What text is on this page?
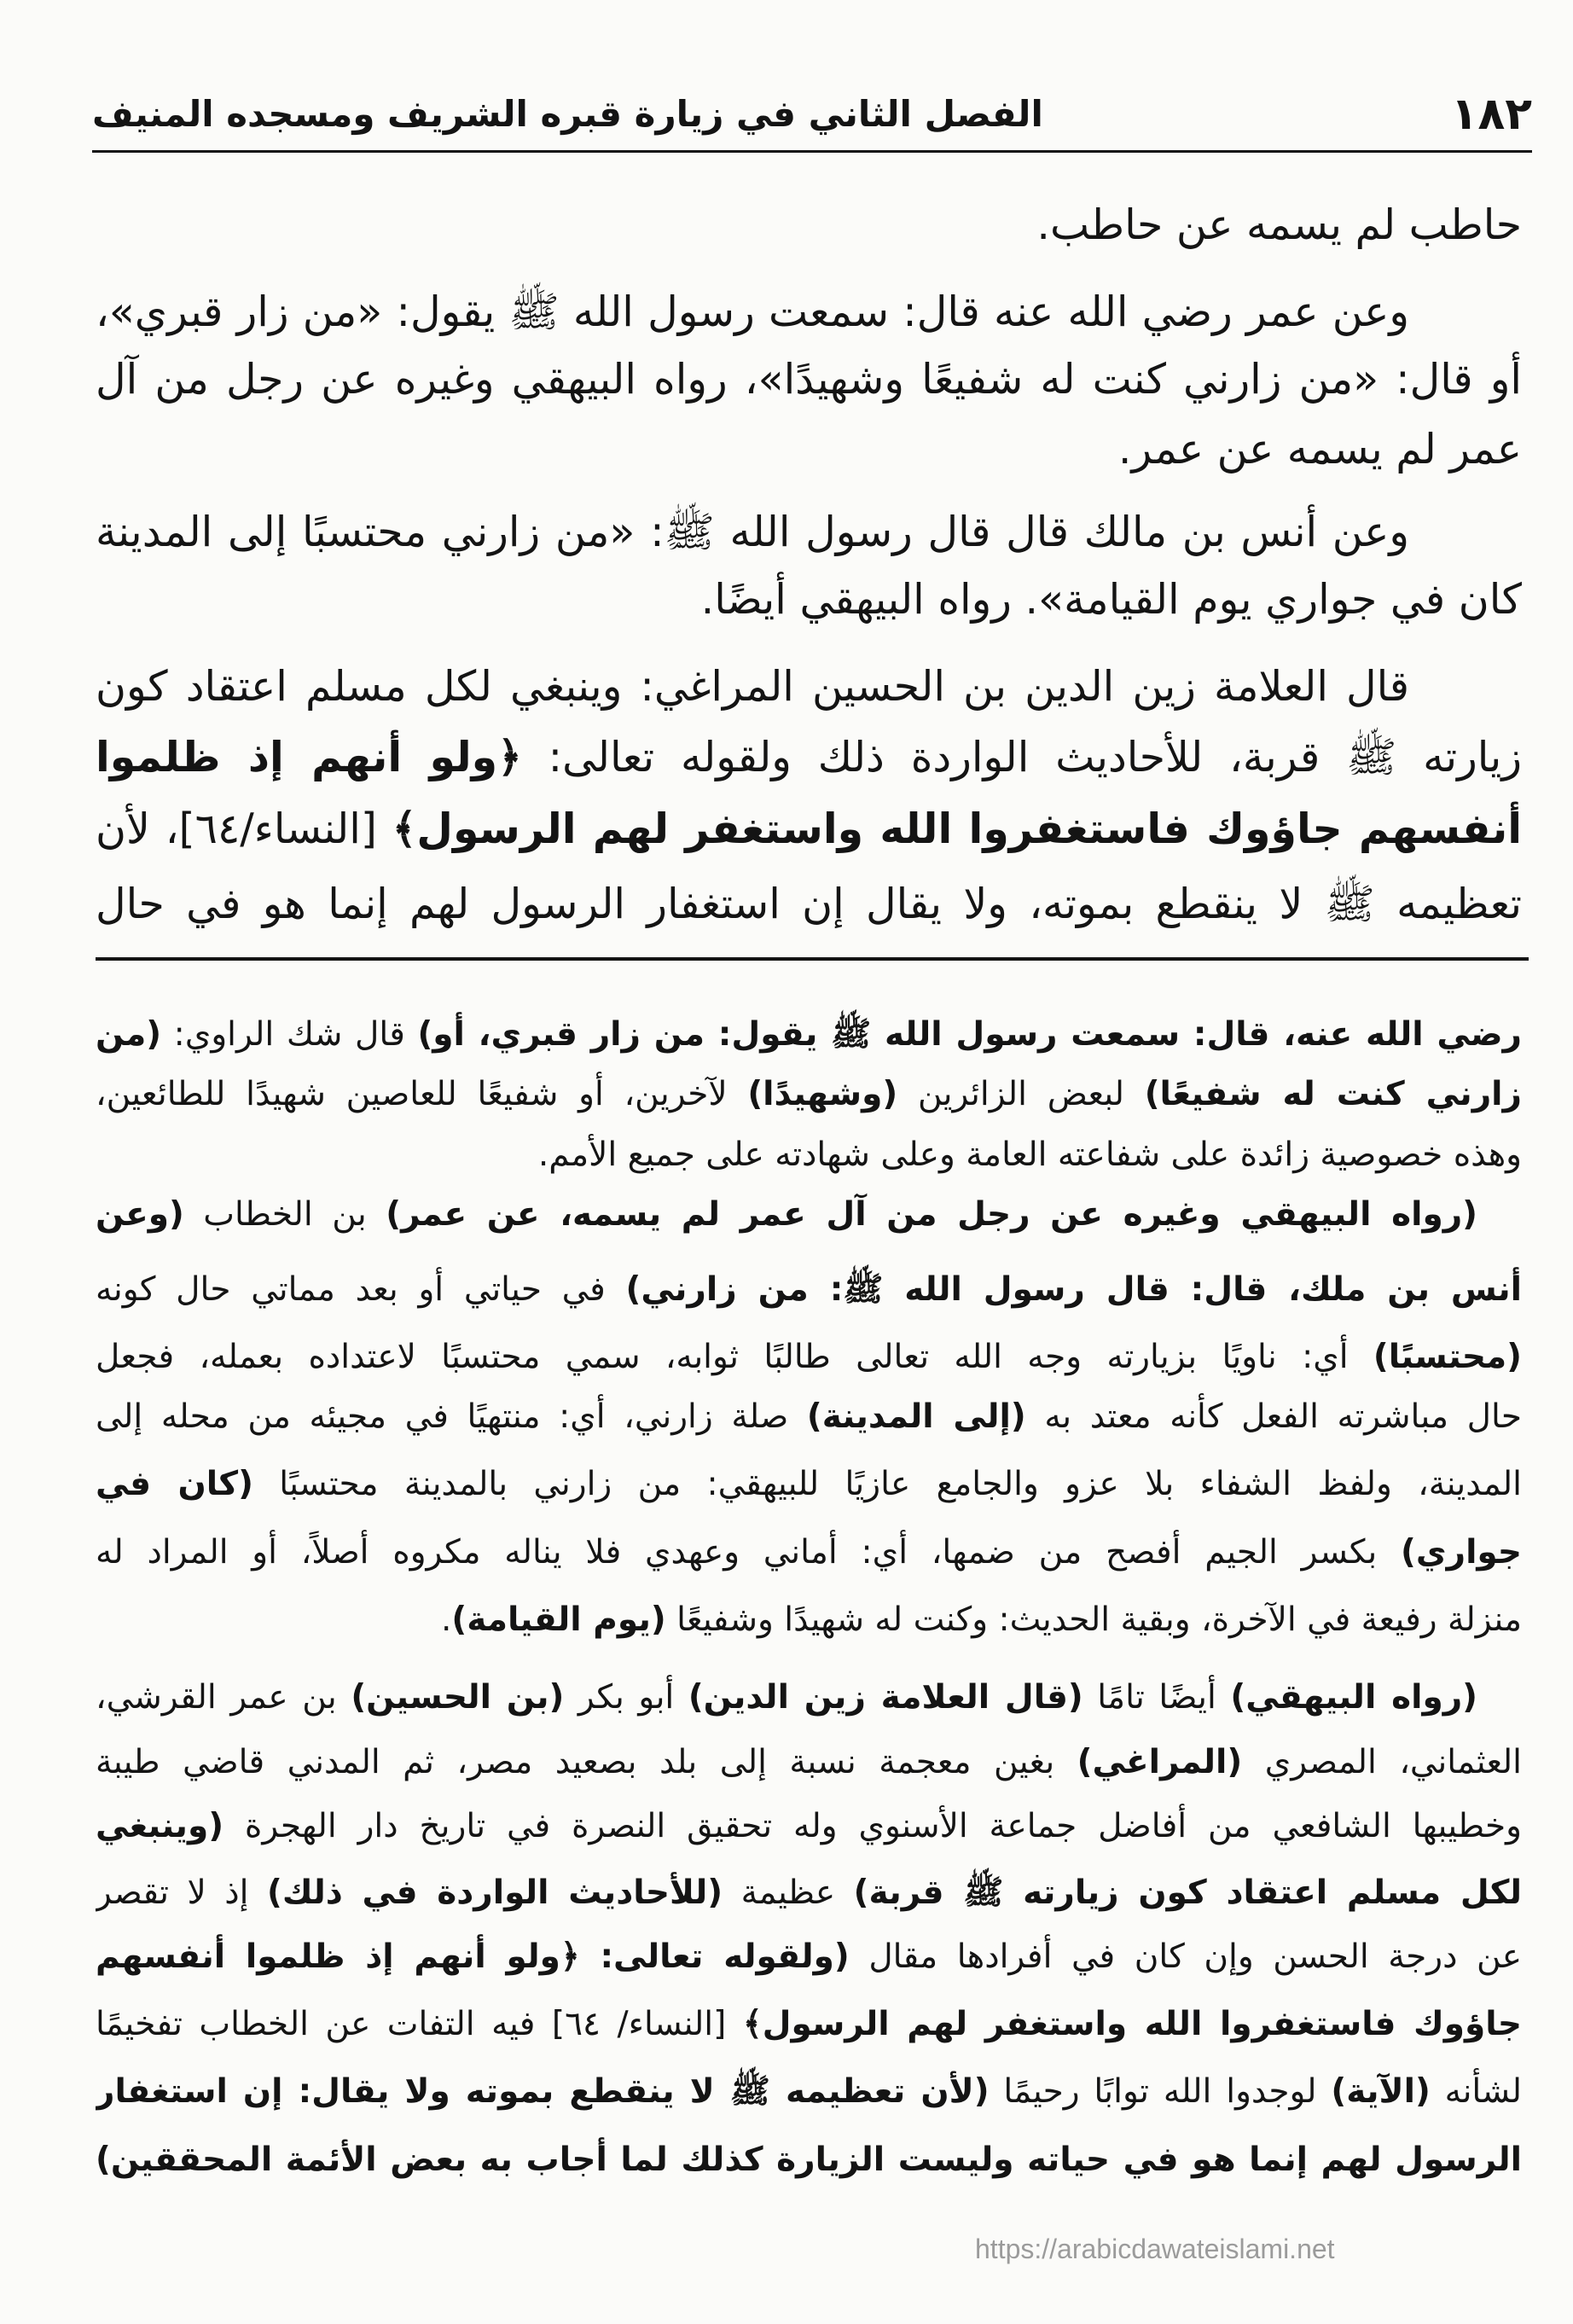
١٨٢
الفصل الثاني في زيارة قبره الشريف ومسجده المنيف
حاطب لم يسمه عن حاطب.
وعن عمر رضي الله عنه قال: سمعت رسول الله ﷺ يقول: «من زار قبري»،
أو قال: «من زارني كنت له شفيعًا وشهيدًا»، رواه البيهقي وغيره عن رجل من آل
عمر لم يسمه عن عمر.
وعن أنس بن مالك قال قال رسول الله ﷺ: «من زارني محتسبًا إلى المدينة
كان في جواري يوم القيامة». رواه البيهقي أيضًا.
قال العلامة زين الدين بن الحسين المراغي: وينبغي لكل مسلم اعتقاد كون
زيارته ﷺ قربة، للأحاديث الواردة ذلك ولقوله تعالى: ﴿ولو أنهم إذ ظلموا
أنفسهم جاؤوك فاستغفروا الله واستغفر لهم الرسول﴾ [النساء/٦٤]، لأن
تعظيمه ﷺ لا ينقطع بموته، ولا يقال إن استغفار الرسول لهم إنما هو في حال
رضي الله عنه، قال: سمعت رسول الله ﷺ يقول: من زار قبري، أو) قال شك الراوي: (من
زارني كنت له شفيعًا) لبعض الزائرين (وشهيدًا) لآخرين، أو شفيعًا للعاصين شهيدًا للطائعين،
وهذه خصوصية زائدة على شفاعته العامة وعلى شهادته على جميع الأمم.
(رواه البيهقي وغيره عن رجل من آل عمر لم يسمه، عن عمر) بن الخطاب (وعن
أنس بن ملك، قال: قال رسول الله ﷺ: من زارني) في حياتي أو بعد مماتي حال كونه
(محتسبًا) أي: ناويًا بزيارته وجه الله تعالى طالبًا ثوابه، سمي محتسبًا لاعتداده بعمله، فجعل
حال مباشرته الفعل كأنه معتد به (إلى المدينة) صلة زارني، أي: منتهيًا في مجيئه من محله إلى
المدينة، ولفظ الشفاء بلا عزو والجامع عازيًا للبيهقي: من زارني بالمدينة محتسبًا (كان في
جواري) بكسر الجيم أفصح من ضمها، أي: أماني وعهدي فلا يناله مكروه أصلاً، أو المراد له
منزلة رفيعة في الآخرة، وبقية الحديث: وكنت له شهيدًا وشفيعًا (يوم القيامة).
(رواه البيهقي) أيضًا تامًا (قال العلامة زين الدين) أبو بكر (بن الحسين) بن عمر القرشي،
العثماني، المصري (المراغي) بغين معجمة نسبة إلى بلد بصعيد مصر، ثم المدني قاضي طيبة
وخطيبها الشافعي من أفاضل جماعة الأسنوي وله تحقيق النصرة في تاريخ دار الهجرة (وينبغي
لكل مسلم اعتقاد كون زيارته ﷺ قربة) عظيمة (للأحاديث الواردة في ذلك) إذ لا تقصر
عن درجة الحسن وإن كان في أفرادها مقال (ولقوله تعالى: ﴿ولو أنهم إذ ظلموا أنفسهم
جاؤوك فاستغفروا الله واستغفر لهم الرسول﴾ [النساء/ ٦٤] فيه التفات عن الخطاب تفخيمًا
لشأنه (الآية) لوجدوا الله توابًا رحيمًا (لأن تعظيمه ﷺ لا ينقطع بموته ولا يقال: إن استغفار
الرسول لهم إنما هو في حياته وليست الزيارة كذلك لما أجاب به بعض الأئمة المحققين)
https://arabicdawateislami.net
